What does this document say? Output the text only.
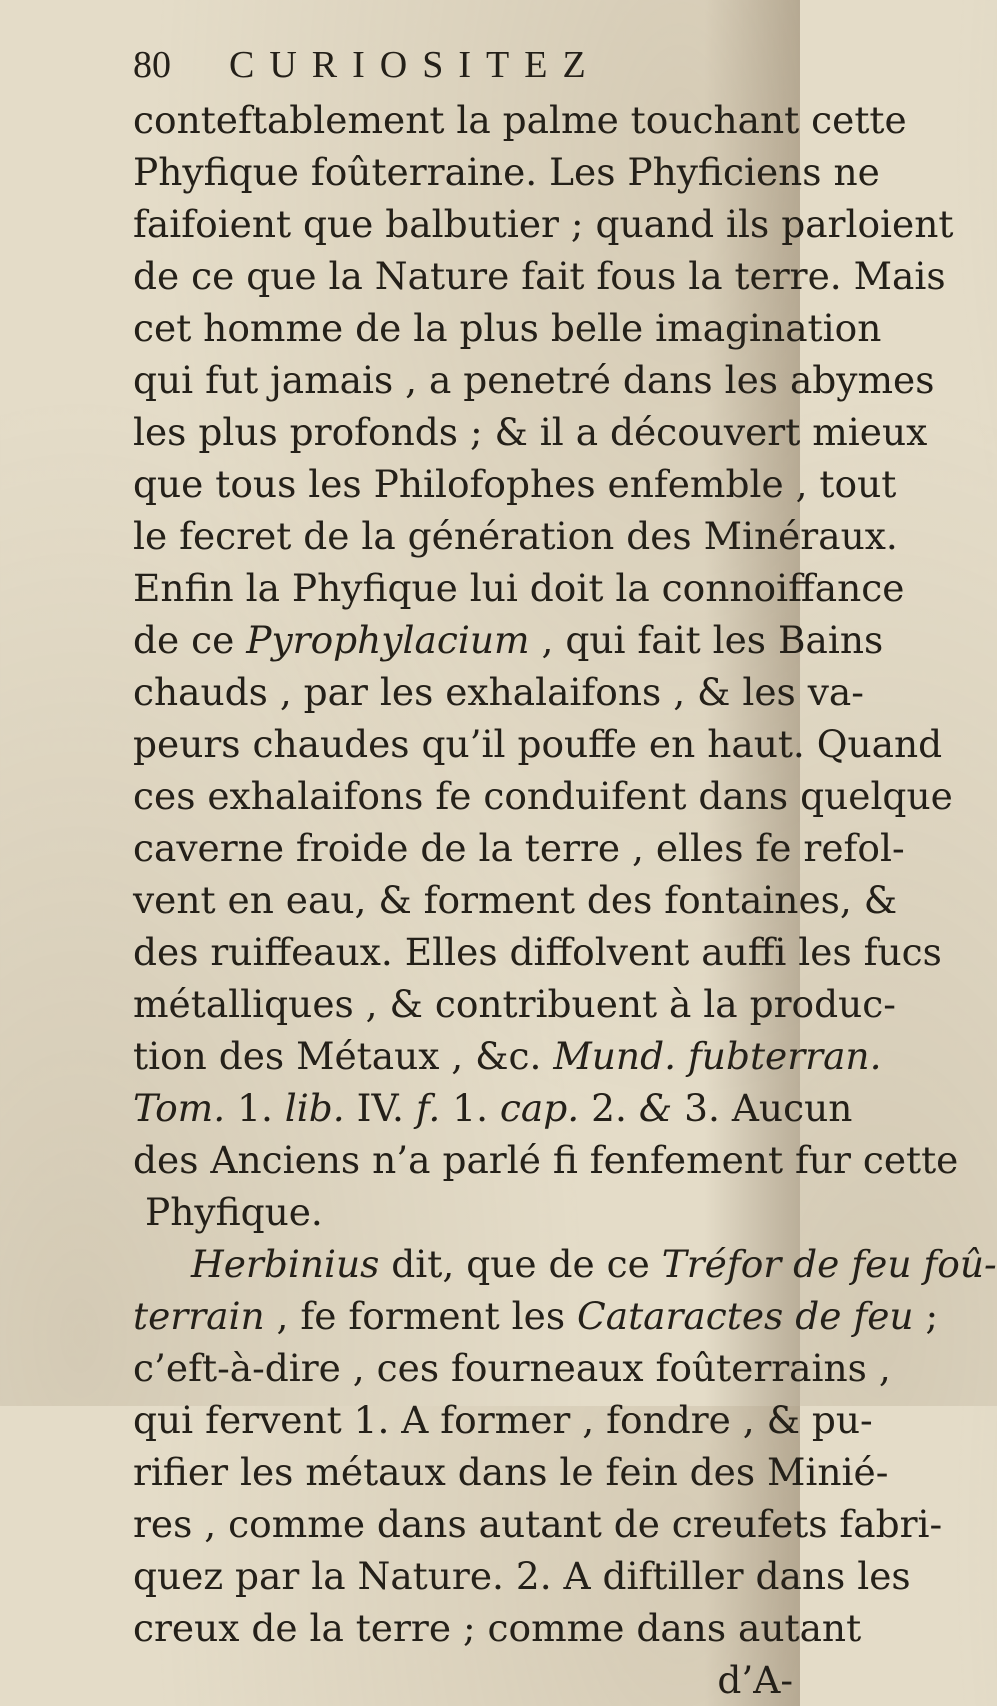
80	CURIOSITEZ
conteftablement la palme touchant cette
Phyfique foûterraine. Les Phyficiens ne
faifoient que balbutier ; quand ils parloient
de ce que la Nature fait fous la terre. Mais
cet homme de la plus belle imagination
qui fut jamais , a penetré dans les abymes
les plus profonds ; & il a découvert mieux
que tous les Philofophes enfemble , tout
le fecret de la génération des Minéraux.
Enfin la Phyfique lui doit la connoiffance
de ce Pyrophylacium , qui fait les Bains
chauds , par les exhalaifons , & les va-
peurs chaudes qu’il pouffe en haut. Quand
ces exhalaifons fe conduifent dans quelque
caverne froide de la terre , elles fe refol-
vent en eau, & forment des fontaines, &
des ruiffeaux. Elles diffolvent auffi les fucs
métalliques , & contribuent à la produc-
tion des Métaux , &c. Mund. fubterran.
Tom. 1. lib. IV. f. 1. cap. 2. & 3. Aucun
des Anciens n’a parlé fi fenfement fur cette
Phyfique.
Herbinius dit, que de ce Tréfor de feu foû-
terrain , fe forment les Cataractes de feu ;
c’eft-à-dire , ces fourneaux foûterrains ,
qui fervent 1. A former , fondre , & pu-
rifier les métaux dans le fein des Minié-
res , comme dans autant de creufets fabri-
quez par la Nature. 2. A diftiller dans les
creux de la terre ; comme dans autant
d’A-
